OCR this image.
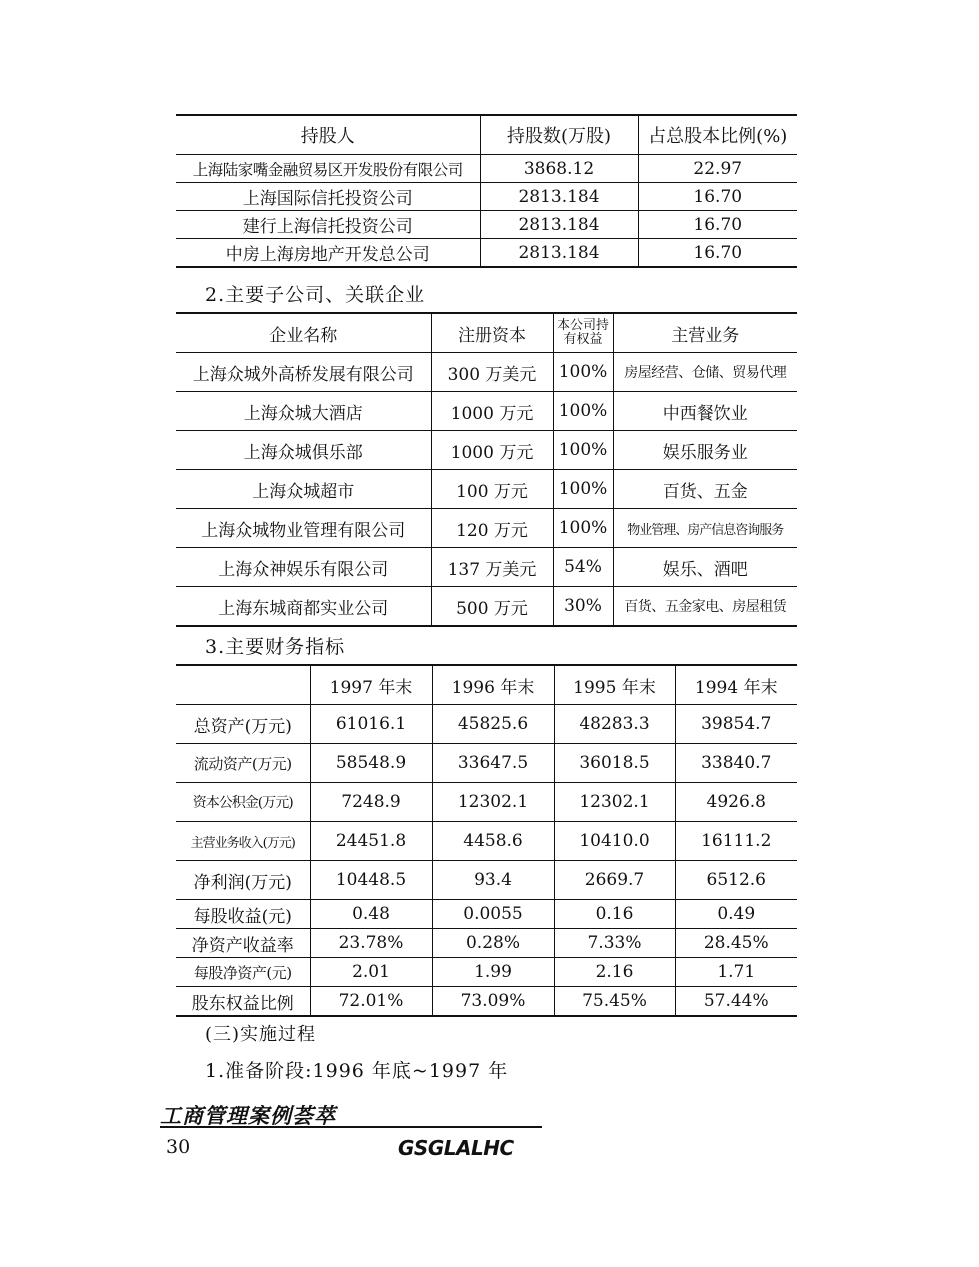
持股人	持股数(万股)	占总股本比例(%)
上海陆家嘴金融贸易区开发股份有限公司	3868.12	22.97
上海国际信托投资公司	2813.184	16.70
建行上海信托投资公司	2813.184	16.70
中房上海房地产开发总公司	2813.184	16.70
2.主要子公司、关联企业
企业名称	注册资本	本公司持有权益	主营业务
上海众城外高桥发展有限公司	300 万美元	100%	房屋经营、仓储、贸易代理
上海众城大酒店	1000 万元	100%	中西餐饮业
上海众城俱乐部	1000 万元	100%	娱乐服务业
上海众城超市	100 万元	100%	百货、五金
上海众城物业管理有限公司	120 万元	100%	物业管理、房产信息咨询服务
上海众神娱乐有限公司	137 万美元	54%	娱乐、酒吧
上海东城商都实业公司	500 万元	30%	百货、五金家电、房屋租赁
3.主要财务指标
	1997 年末	1996 年末	1995 年末	1994 年末
总资产(万元)	61016.1	45825.6	48283.3	39854.7
流动资产(万元)	58548.9	33647.5	36018.5	33840.7
资本公积金(万元)	7248.9	12302.1	12302.1	4926.8
主营业务收入(万元)	24451.8	4458.6	10410.0	16111.2
净利润(万元)	10448.5	93.4	2669.7	6512.6
每股收益(元)	0.48	0.0055	0.16	0.49
净资产收益率	23.78%	0.28%	7.33%	28.45%
每股净资产(元)	2.01	1.99	2.16	1.71
股东权益比例	72.01%	73.09%	75.45%	57.44%
(三)实施过程
1.准备阶段:1996 年底~1997 年
工商管理案例荟萃
30	GSGLALHC
